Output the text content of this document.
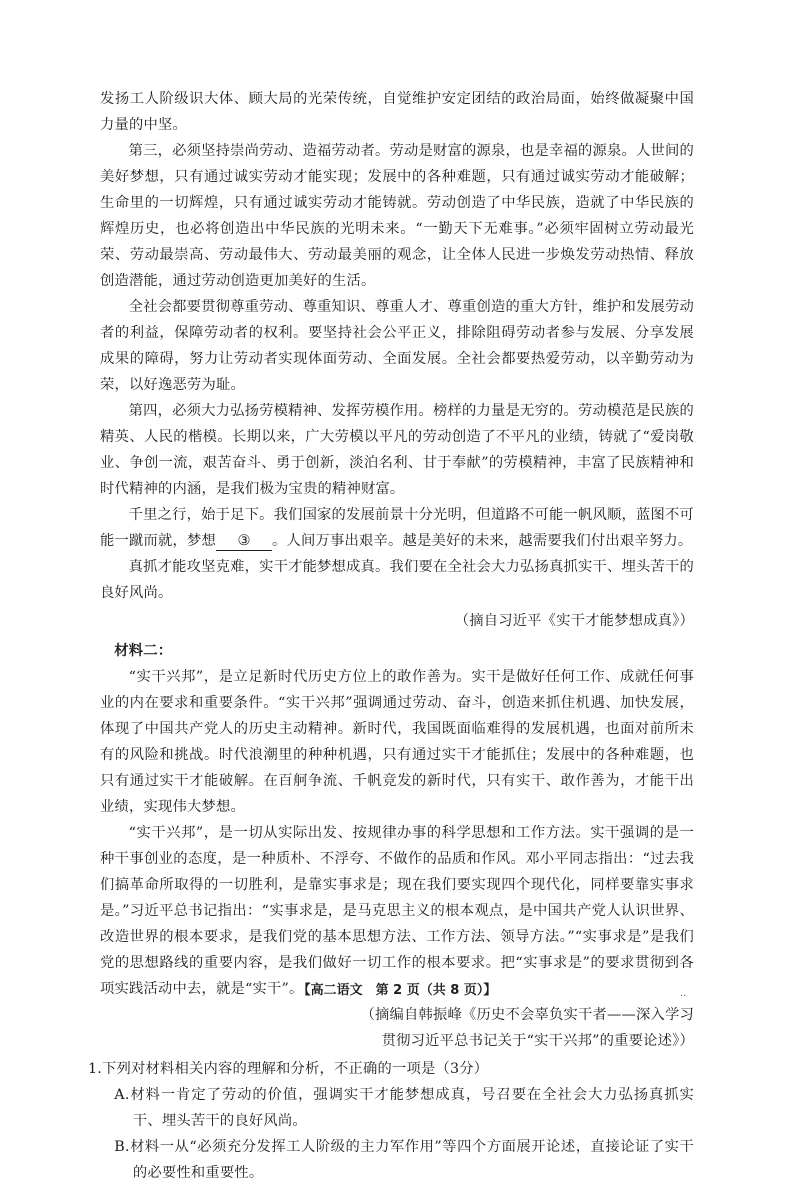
发扬工人阶级识大体、顾大局的光荣传统，自觉维护安定团结的政治局面，始终做凝聚中国力量的中坚。

第三，必须坚持崇尚劳动、造福劳动者。劳动是财富的源泉，也是幸福的源泉。人世间的美好梦想，只有通过诚实劳动才能实现；发展中的各种难题，只有通过诚实劳动才能破解；生命里的一切辉煌，只有通过诚实劳动才能铸就。劳动创造了中华民族，造就了中华民族的辉煌历史，也必将创造出中华民族的光明未来。“一勤天下无难事。”必须牢固树立劳动最光荣、劳动最崇高、劳动最伟大、劳动最美丽的观念，让全体人民进一步焕发劳动热情、释放创造潜能，通过劳动创造更加美好的生活。

全社会都要贯彻尊重劳动、尊重知识、尊重人才、尊重创造的重大方针，维护和发展劳动者的利益，保障劳动者的权利。要坚持社会公平正义，排除阻碍劳动者参与发展、分享发展成果的障碍，努力让劳动者实现体面劳动、全面发展。全社会都要热爱劳动，以辛勤劳动为荣，以好逸恶劳为耻。

第四，必须大力弘扬劳模精神、发挥劳模作用。榜样的力量是无穷的。劳动模范是民族的精英、人民的楷模。长期以来，广大劳模以平凡的劳动创造了不平凡的业绩，铸就了“爱岗敬业、争创一流，艰苦奋斗、勇于创新，淡泊名利、甘于奉献”的劳模精神，丰富了民族精神和时代精神的内涵，是我们极为宝贵的精神财富。

千里之行，始于足下。我们国家的发展前景十分光明，但道路不可能一帆风顺，蓝图不可能一蹴而就，梦想 ③ 。人间万事出艰辛。越是美好的未来，越需要我们付出艰辛努力。

真抓才能攻坚克难，实干才能梦想成真。我们要在全社会大力弘扬真抓实干、埋头苦干的良好风尚。

（摘自习近平《实干才能梦想成真》）

材料二：

“实干兴邦”，是立足新时代历史方位上的敢作善为。实干是做好任何工作、成就任何事业的内在要求和重要条件。“实干兴邦”强调通过劳动、奋斗，创造来抓住机遇、加快发展，体现了中国共产党人的历史主动精神。新时代，我国既面临难得的发展机遇，也面对前所未有的风险和挑战。时代浪潮里的种种机遇，只有通过实干才能抓住；发展中的各种难题，也只有通过实干才能破解。在百舸争流、千帆竞发的新时代，只有实干、敢作善为，才能干出业绩，实现伟大梦想。

“实干兴邦”，是一切从实际出发、按规律办事的科学思想和工作方法。实干强调的是一种干事创业的态度，是一种质朴、不浮夸、不做作的品质和作风。邓小平同志指出：“过去我们搞革命所取得的一切胜利，是靠实事求是；现在我们要实现四个现代化，同样要靠实事求是。”习近平总书记指出：“实事求是，是马克思主义的根本观点，是中国共产党人认识世界、改造世界的根本要求，是我们党的基本思想方法、工作方法、领导方法。”“实事求是”是我们党的思想路线的重要内容，是我们做好一切工作的根本要求。把“实事求是”的要求贯彻到各项实践活动中去，就是“实干”。

（摘编自韩振峰《历史不会辜负实干者——深入学习

贯彻习近平总书记关于“实干兴邦”的重要论述》）

1.下列对材料相关内容的理解和分析，不正确的一项是（3分）

A.材料一肯定了劳动的价值，强调实干才能梦想成真，号召要在全社会大力弘扬真抓实干、埋头苦干的良好风尚。

B.材料一从“必须充分发挥工人阶级的主力军作用”等四个方面展开论述，直接论证了实干的必要性和重要性。

【高二语文　第 2 页（共 8 页）】	..
